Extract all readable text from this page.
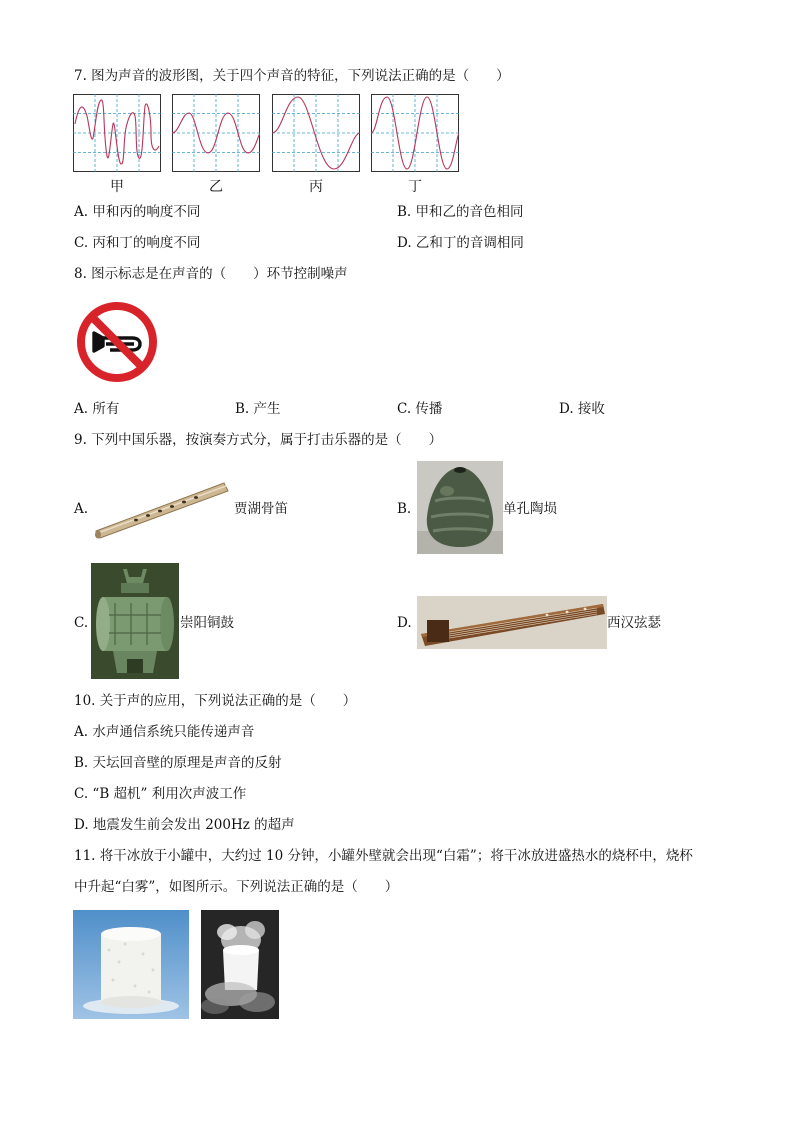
7. 图为声音的波形图，关于四个声音的特征，下列说法正确的是（　　）
甲	乙	丙	丁
A. 甲和丙的响度不同	B. 甲和乙的音色相同
C. 丙和丁的响度不同	D. 乙和丁的音调相同
8. 图示标志是在声音的（　　）环节控制噪声
A. 所有	B. 产生	C. 传播	D. 接收
9. 下列中国乐器，按演奏方式分，属于打击乐器的是（　　）
A.	贾湖骨笛	B.	单孔陶埙
C.	崇阳铜鼓	D.	西汉弦瑟
10. 关于声的应用，下列说法正确的是（　　）
A. 水声通信系统只能传递声音
B. 天坛回音壁的原理是声音的反射
C. “B 超机” 利用次声波工作
D. 地震发生前会发出 200Hz 的超声
11. 将干冰放于小罐中，大约过 10 分钟，小罐外壁就会出现“白霜”；将干冰放进盛热水的烧杯中，烧杯
中升起“白雾”，如图所示。下列说法正确的是（　　）
